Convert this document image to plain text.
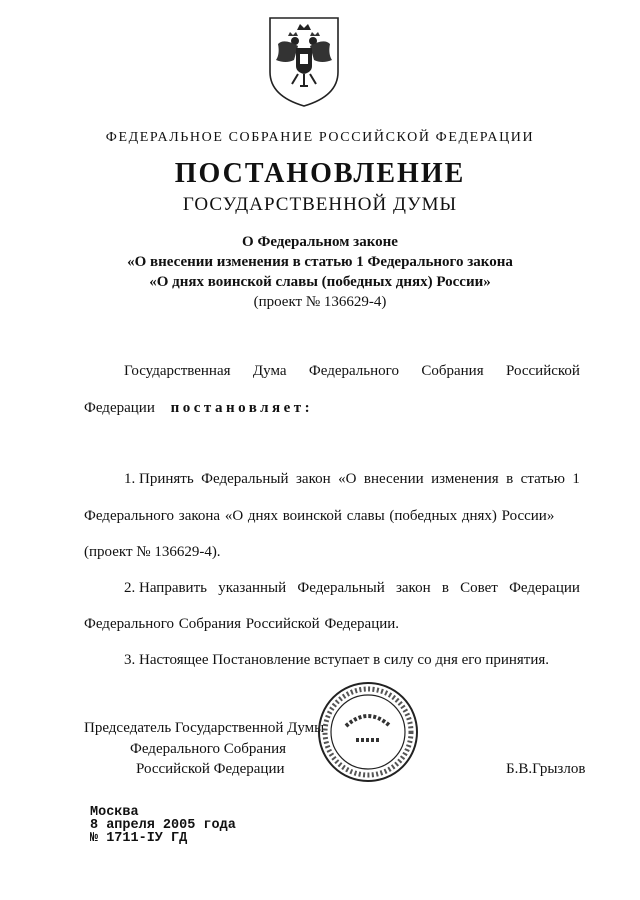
ФЕДЕРАЛЬНОЕ СОБРАНИЕ РОССИЙСКОЙ ФЕДЕРАЦИИ
ПОСТАНОВЛЕНИЕ
ГОСУДАРСТВЕННОЙ ДУМЫ
О Федеральном законе
«О внесении изменения в статью 1 Федерального закона
«О днях воинской славы (победных днях) России»
(проект № 136629-4)
Государственная Дума Федерального Собрания Российской
Федерации постановляет:
1. Принять Федеральный закон «О внесении изменения в статью 1
Федерального закона «О днях воинской славы (победных днях) России»
(проект № 136629-4).
2. Направить указанный Федеральный закон в Совет Федерации
Федерального Собрания Российской Федерации.
3. Настоящее Постановление вступает в силу со дня его принятия.
Председатель Государственной Думы
Федерального Собрания
Российской Федерации	Б.В.Грызлов
Москва
8 апреля 2005 года
№ 1711-IУ ГД
